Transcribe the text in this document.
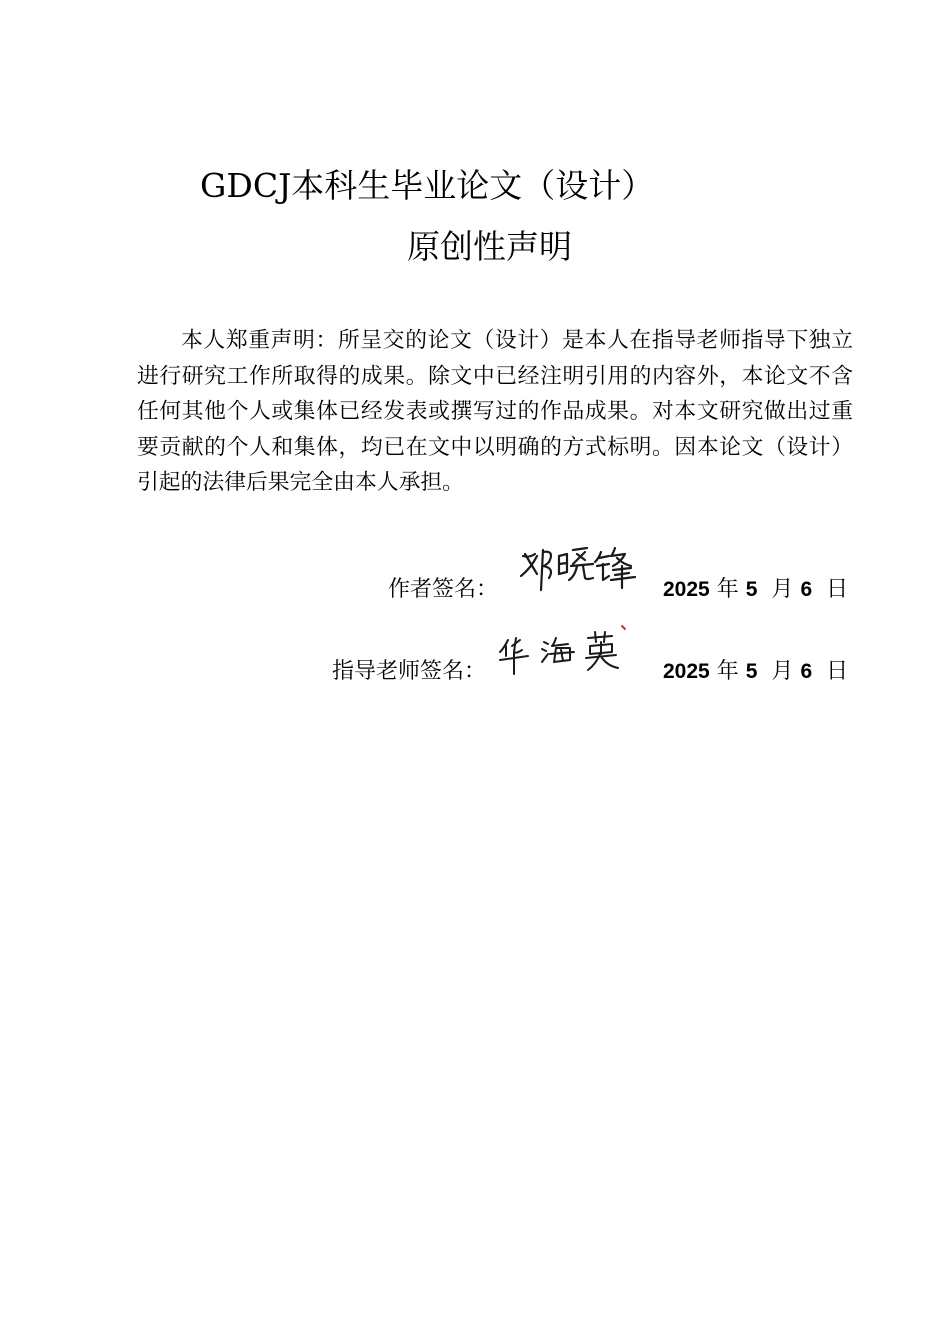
GDCJ本科生毕业论文（设计）
原创性声明

本人郑重声明：所呈交的论文（设计）是本人在指导老师指导下独立进行研究工作所取得的成果。除文中已经注明引用的内容外，本论文不含任何其他个人或集体已经发表或撰写过的作品成果。对本文研究做出过重要贡献的个人和集体，均已在文中以明确的方式标明。因本论文（设计）引起的法律后果完全由本人承担。

作者签名：	2025 年 5 月 6 日
指导老师签名：	2025 年 5 月 6 日
